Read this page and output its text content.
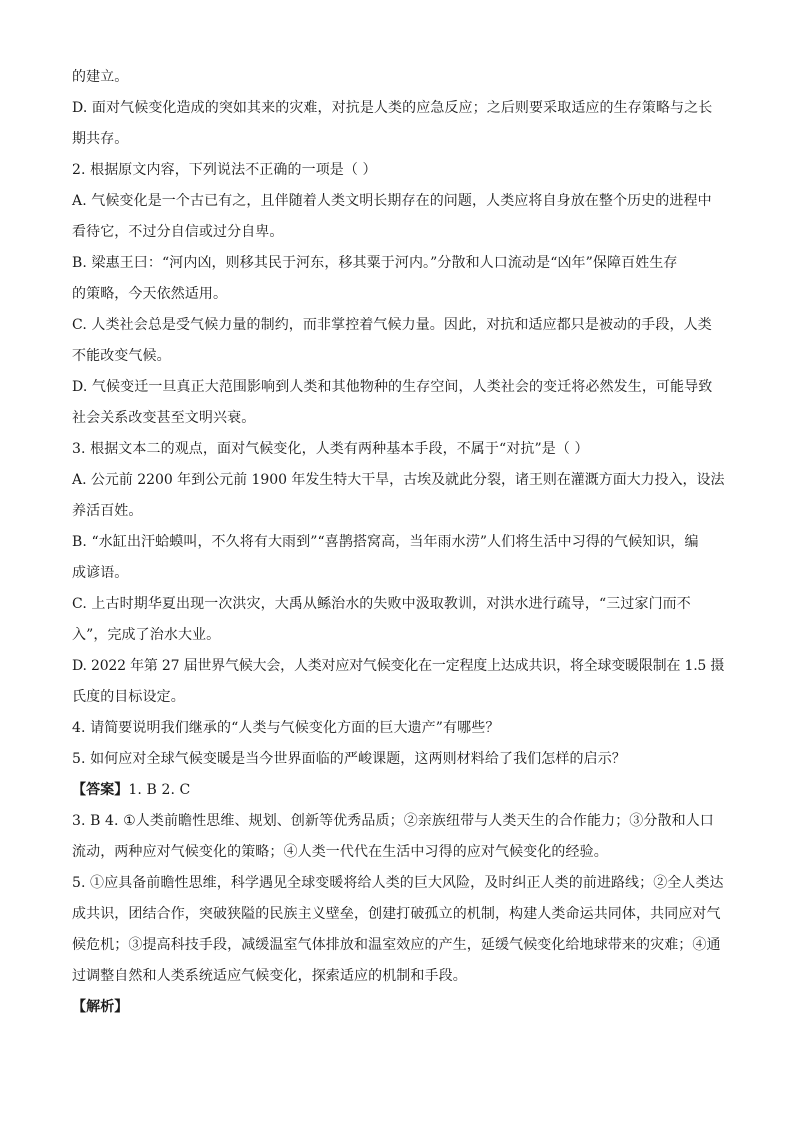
的建立。
D. 面对气候变化造成的突如其来的灾难，对抗是人类的应急反应；之后则要采取适应的生存策略与之长
期共存。
2. 根据原文内容，下列说法不正确的一项是（ ）
A. 气候变化是一个古已有之，且伴随着人类文明长期存在的问题，人类应将自身放在整个历史的进程中
看待它，不过分自信或过分自卑。
B. 梁惠王曰：“河内凶，则移其民于河东，移其粟于河内。”分散和人口流动是“凶年”保障百姓生存
的策略，今天依然适用。
C. 人类社会总是受气候力量的制约，而非掌控着气候力量。因此，对抗和适应都只是被动的手段，人类
不能改变气候。
D. 气候变迁一旦真正大范围影响到人类和其他物种的生存空间，人类社会的变迁将必然发生，可能导致
社会关系改变甚至文明兴衰。
3. 根据文本二的观点，面对气候变化，人类有两种基本手段，不属于“对抗”是（ ）
A. 公元前 2200 年到公元前 1900 年发生特大干旱，古埃及就此分裂，诸王则在灌溉方面大力投入，设法
养活百姓。
B. “水缸出汗蛤蟆叫，不久将有大雨到”“喜鹊搭窝高，当年雨水涝”人们将生活中习得的气候知识，编
成谚语。
C. 上古时期华夏出现一次洪灾，大禹从鲧治水的失败中汲取教训，对洪水进行疏导，“三过家门而不
入”，完成了治水大业。
D. 2022 年第 27 届世界气候大会，人类对应对气候变化在一定程度上达成共识，将全球变暖限制在 1.5 摄
氏度的目标设定。
4. 请简要说明我们继承的“人类与气候变化方面的巨大遗产”有哪些？
5. 如何应对全球气候变暖是当今世界面临的严峻课题，这两则材料给了我们怎样的启示？
【答案】1. B 2. C
3. B 4. ①人类前瞻性思维、规划、创新等优秀品质；②亲族纽带与人类天生的合作能力；③分散和人口
流动，两种应对气候变化的策略；④人类一代代在生活中习得的应对气候变化的经验。
5. ①应具备前瞻性思维，科学遇见全球变暖将给人类的巨大风险，及时纠正人类的前进路线；②全人类达
成共识，团结合作，突破狭隘的民族主义壁垒，创建打破孤立的机制，构建人类命运共同体，共同应对气
候危机；③提高科技手段，减缓温室气体排放和温室效应的产生，延缓气候变化给地球带来的灾难；④通
过调整自然和人类系统适应气候变化，探索适应的机制和手段。
【解析】
